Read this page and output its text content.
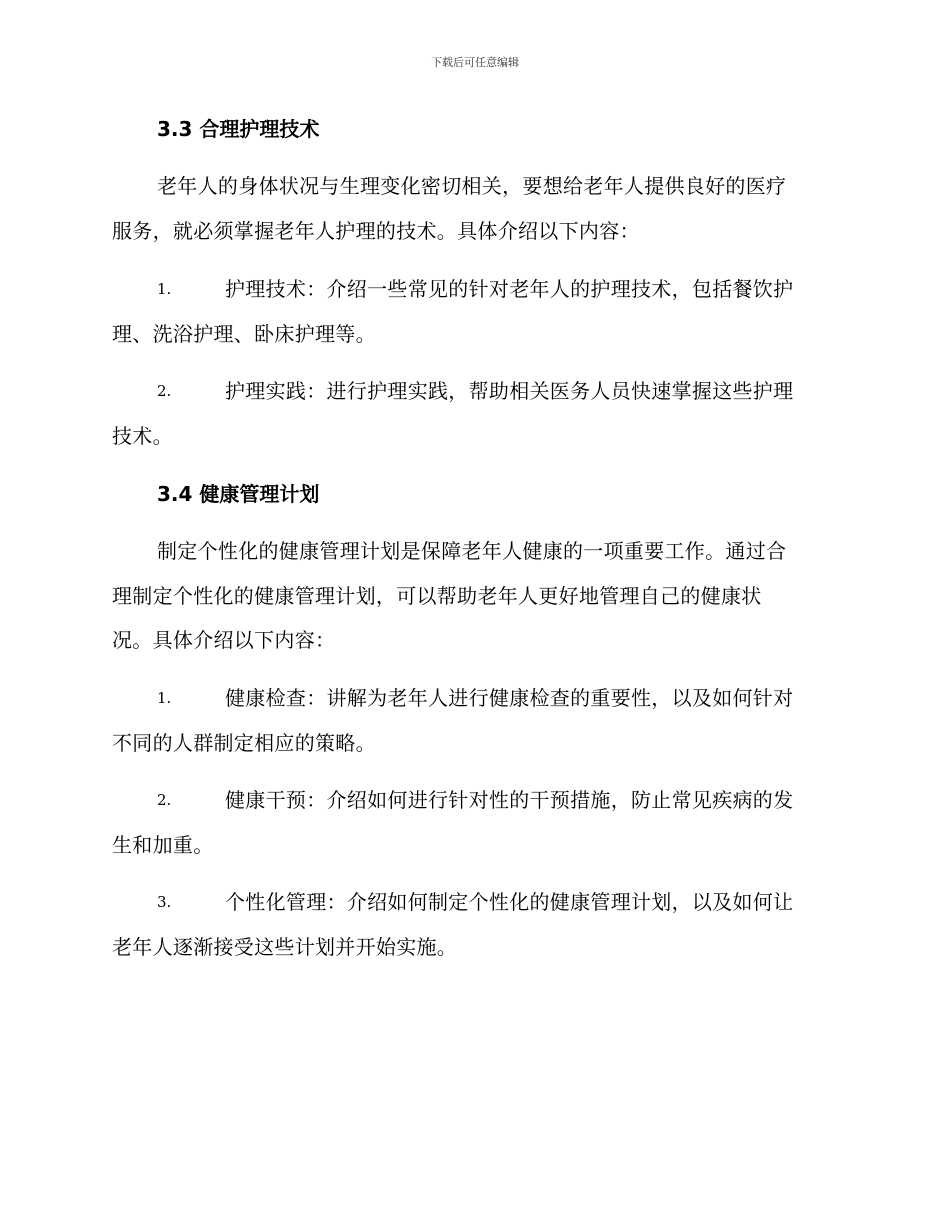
下载后可任意编辑
3.3 合理护理技术
老年人的身体状况与生理变化密切相关，要想给老年人提供良好的医疗
服务，就必须掌握老年人护理的技术。具体介绍以下内容：
1.	护理技术：介绍一些常见的针对老年人的护理技术，包括餐饮护
理、洗浴护理、卧床护理等。
2.	护理实践：进行护理实践，帮助相关医务人员快速掌握这些护理
技术。
3.4 健康管理计划
制定个性化的健康管理计划是保障老年人健康的一项重要工作。通过合
理制定个性化的健康管理计划，可以帮助老年人更好地管理自己的健康状
况。具体介绍以下内容：
1.	健康检查：讲解为老年人进行健康检查的重要性，以及如何针对
不同的人群制定相应的策略。
2.	健康干预：介绍如何进行针对性的干预措施，防止常见疾病的发
生和加重。
3.	个性化管理：介绍如何制定个性化的健康管理计划，以及如何让
老年人逐渐接受这些计划并开始实施。
